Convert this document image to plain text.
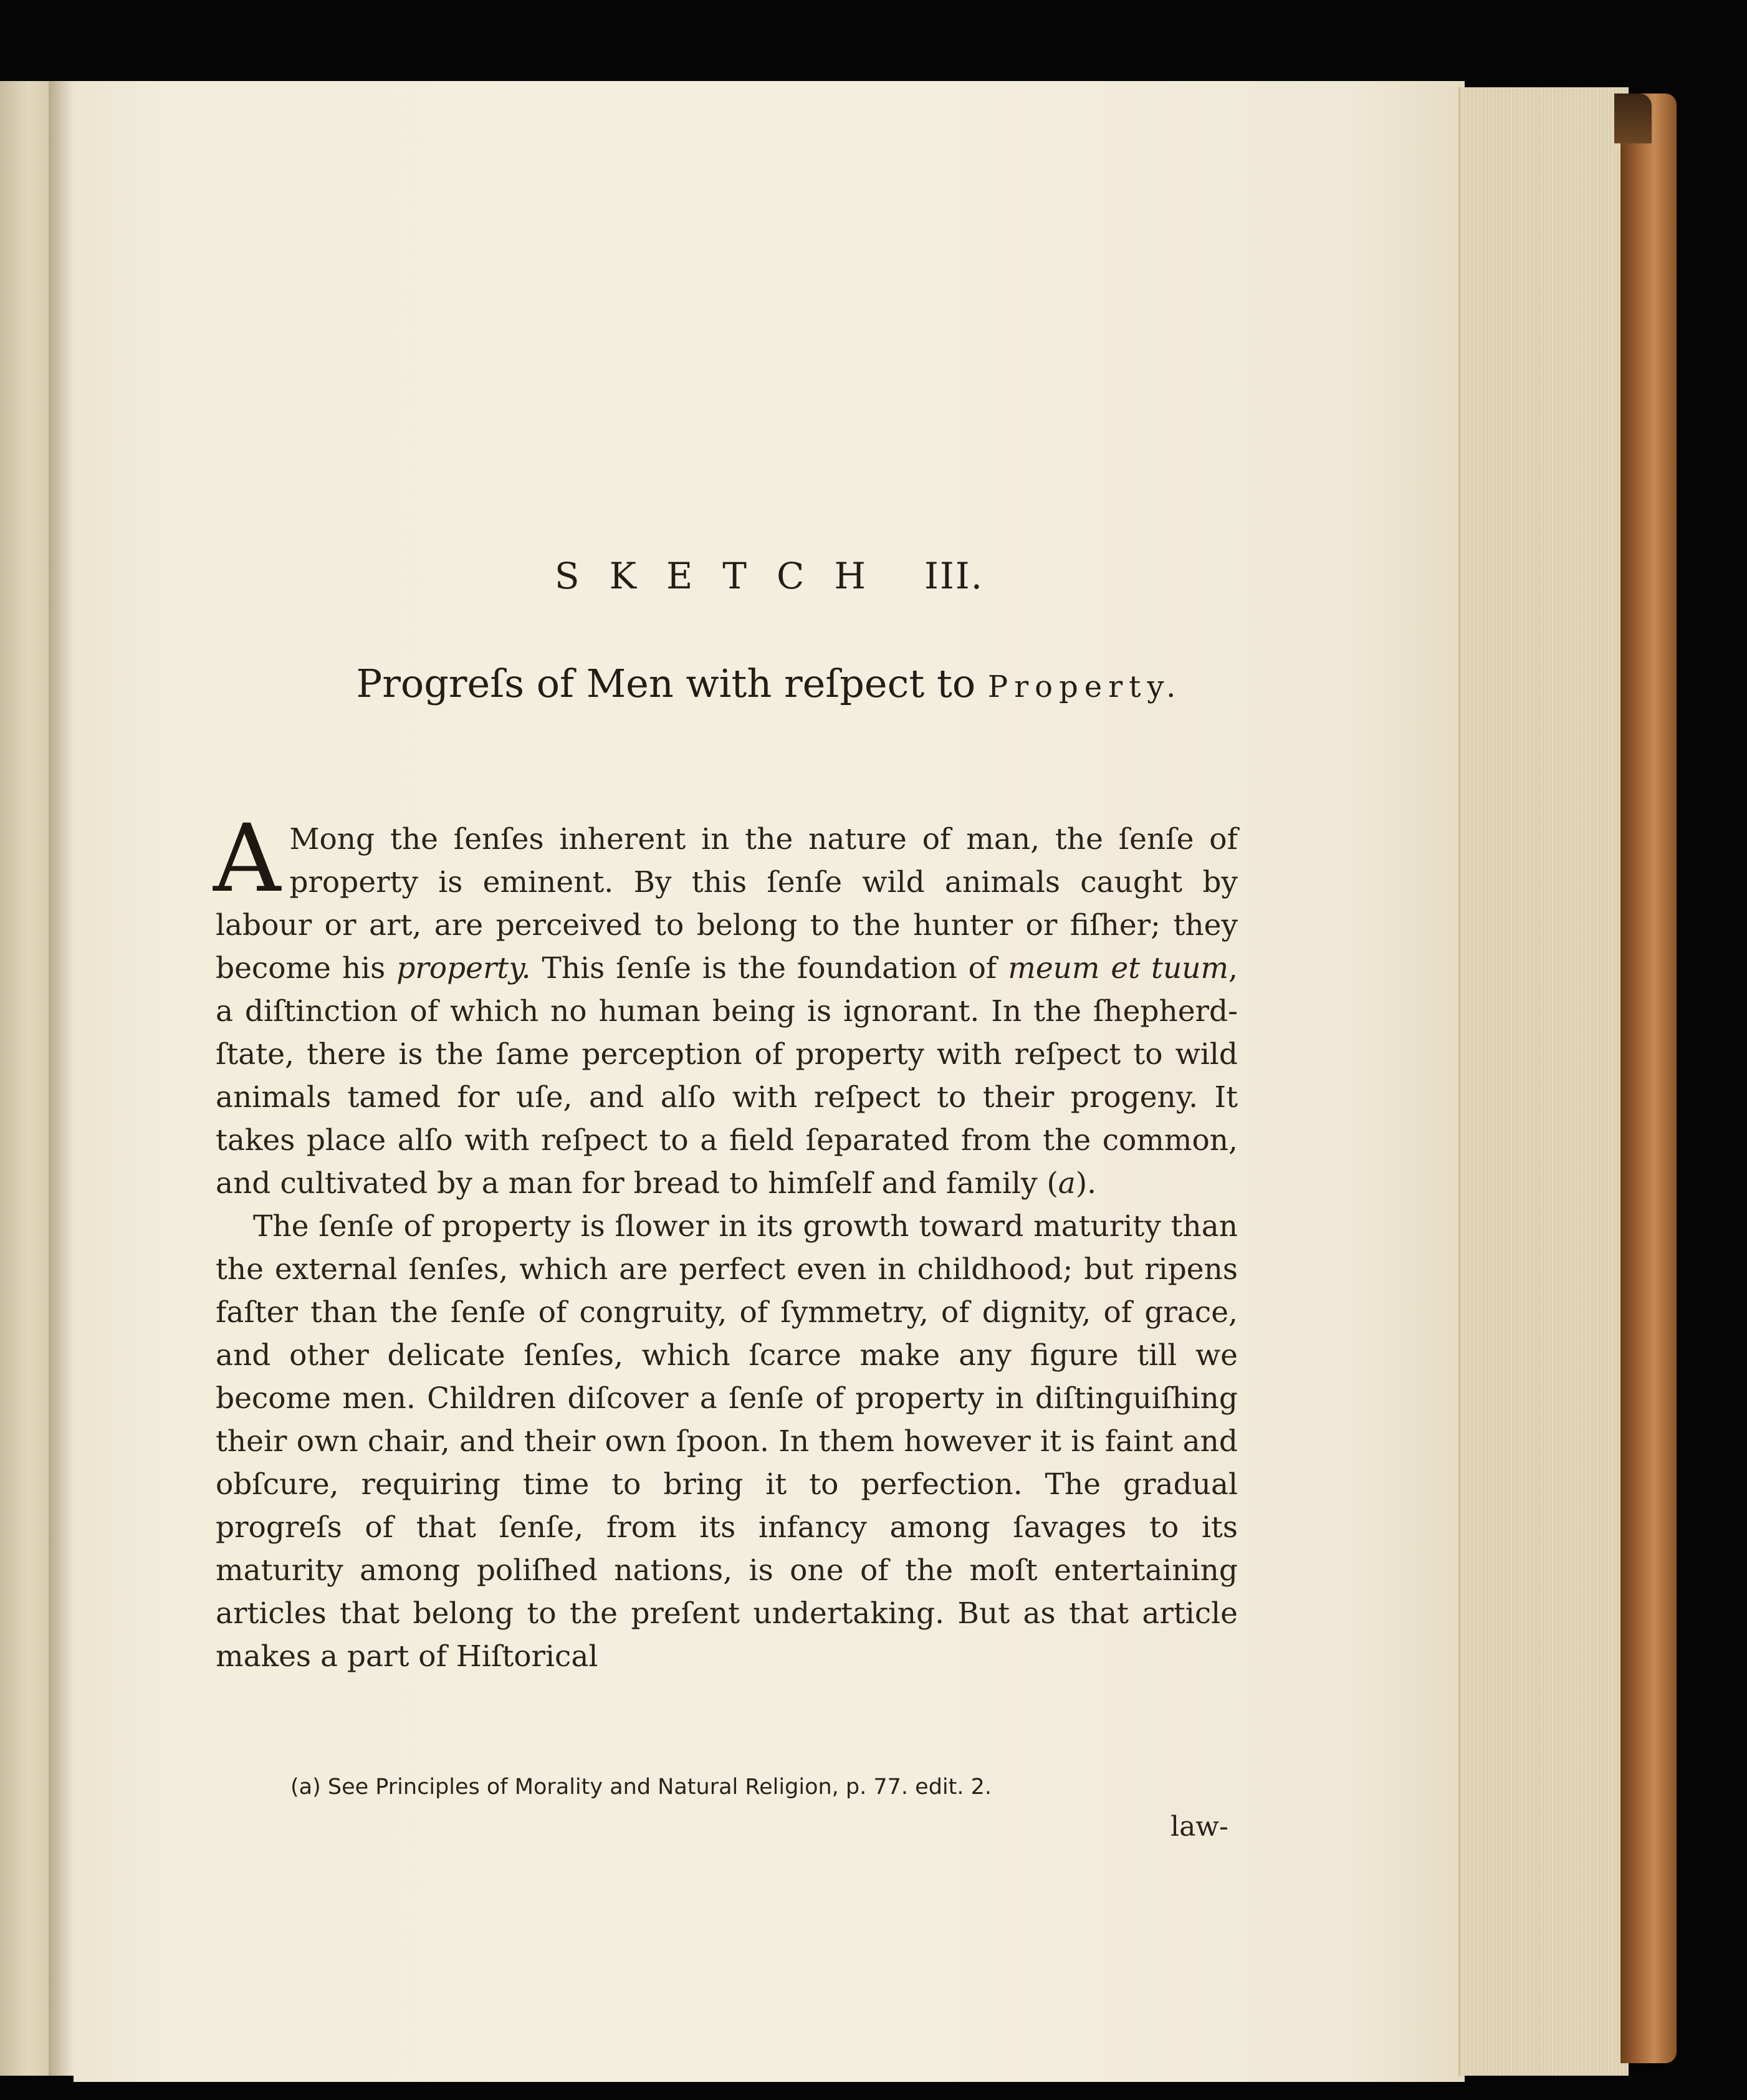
SKETCH III.
Progreſs of Men with reſpect to Property.

A Mong the ſenſes inherent in the nature of man, the ſenſe of property is eminent. By this ſenſe wild animals caught by labour or art, are perceived to belong to the hunter or fiſher; they become his property. This ſenſe is the foundation of meum et tuum, a diſtinction of which no human being is ignorant. In the ſhepherd-ſtate, there is the ſame perception of property with reſpect to wild animals tamed for uſe, and alſo with reſpect to their progeny. It takes place alſo with reſpect to a field ſeparated from the common, and cultivated by a man for bread to himſelf and family (a).

The ſenſe of property is ſlower in its growth toward maturity than the external ſenſes, which are perfect even in childhood; but ripens faſter than the ſenſe of congruity, of ſymmetry, of dignity, of grace, and other delicate ſenſes, which ſcarce make any figure till we become men. Children diſcover a ſenſe of property in diſtinguiſhing their own chair, and their own ſpoon. In them however it is faint and obſcure, requiring time to bring it to perfection. The gradual progreſs of that ſenſe, from its infancy among ſavages to its maturity among poliſhed nations, is one of the moſt entertaining articles that belong to the preſent undertaking. But as that article makes a part of Hiſtorical

(a) See Principles of Morality and Natural Religion, p. 77. edit. 2.
law-
